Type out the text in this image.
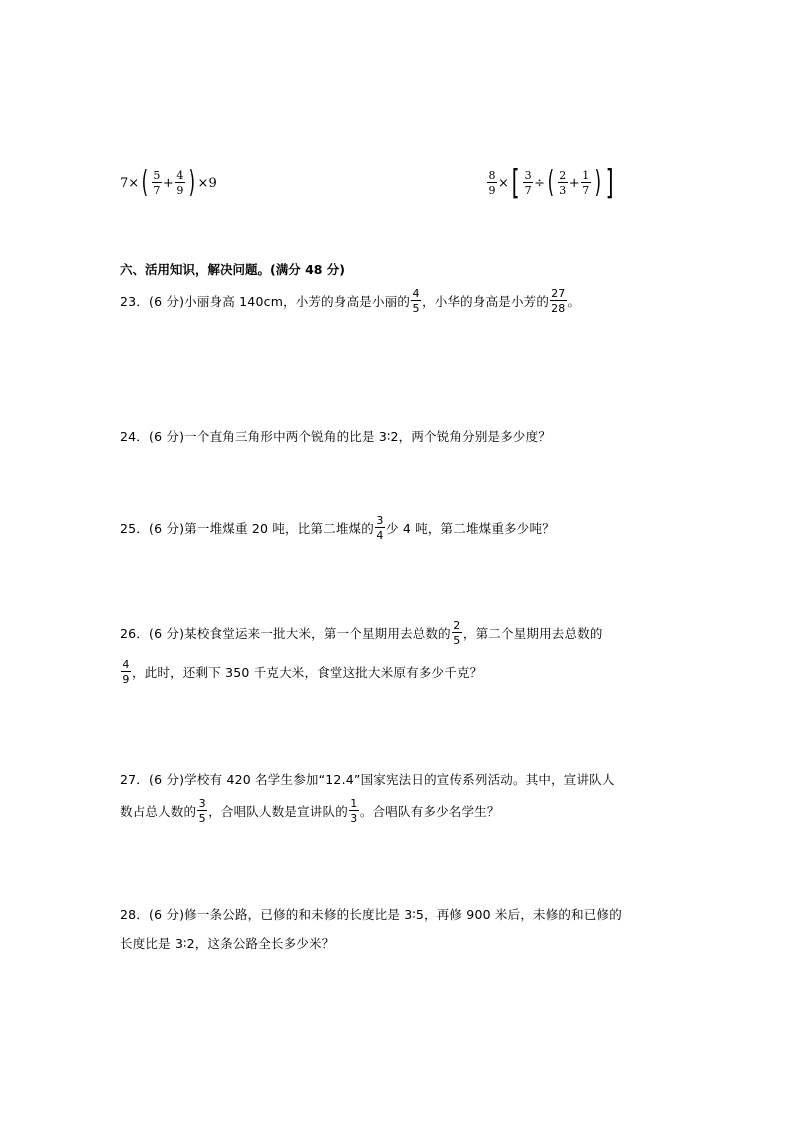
7 × ( $\frac{5}{7} + \frac{4}{9}$ ) × 9	$\frac{8}{9}$ × [ $\frac{3}{7}$ ÷ ( $\frac{2}{3} + \frac{1}{7}$ ) ]
六、活用知识，解决问题。(满分 48 分)
23．(6 分)小丽身高 140cm，小芳的身高是小丽的 $\frac{4}{5}$ ，小华的身高是小芳的 $\frac{27}{28}$ 。
24．(6 分)一个直角三角形中两个锐角的比是 3∶2，两个锐角分别是多少度？
25．(6 分)第一堆煤重 20 吨，比第二堆煤的 $\frac{3}{4}$ 少 4 吨，第二堆煤重多少吨？
26．(6 分)某校食堂运来一批大米，第一个星期用去总数的 $\frac{2}{5}$ ，第二个星期用去总数的
$\frac{4}{9}$ ，此时，还剩下 350 千克大米，食堂这批大米原有多少千克？
27．(6 分)学校有 420 名学生参加“12.4”国家宪法日的宣传系列活动。其中，宣讲队人
数占总人数的 $\frac{3}{5}$ ，合唱队人数是宣讲队的 $\frac{1}{3}$ 。合唱队有多少名学生？
28．(6 分)修一条公路，已修的和未修的长度比是 3∶5，再修 900 米后，未修的和已修的
长度比是 3∶2，这条公路全长多少米？
